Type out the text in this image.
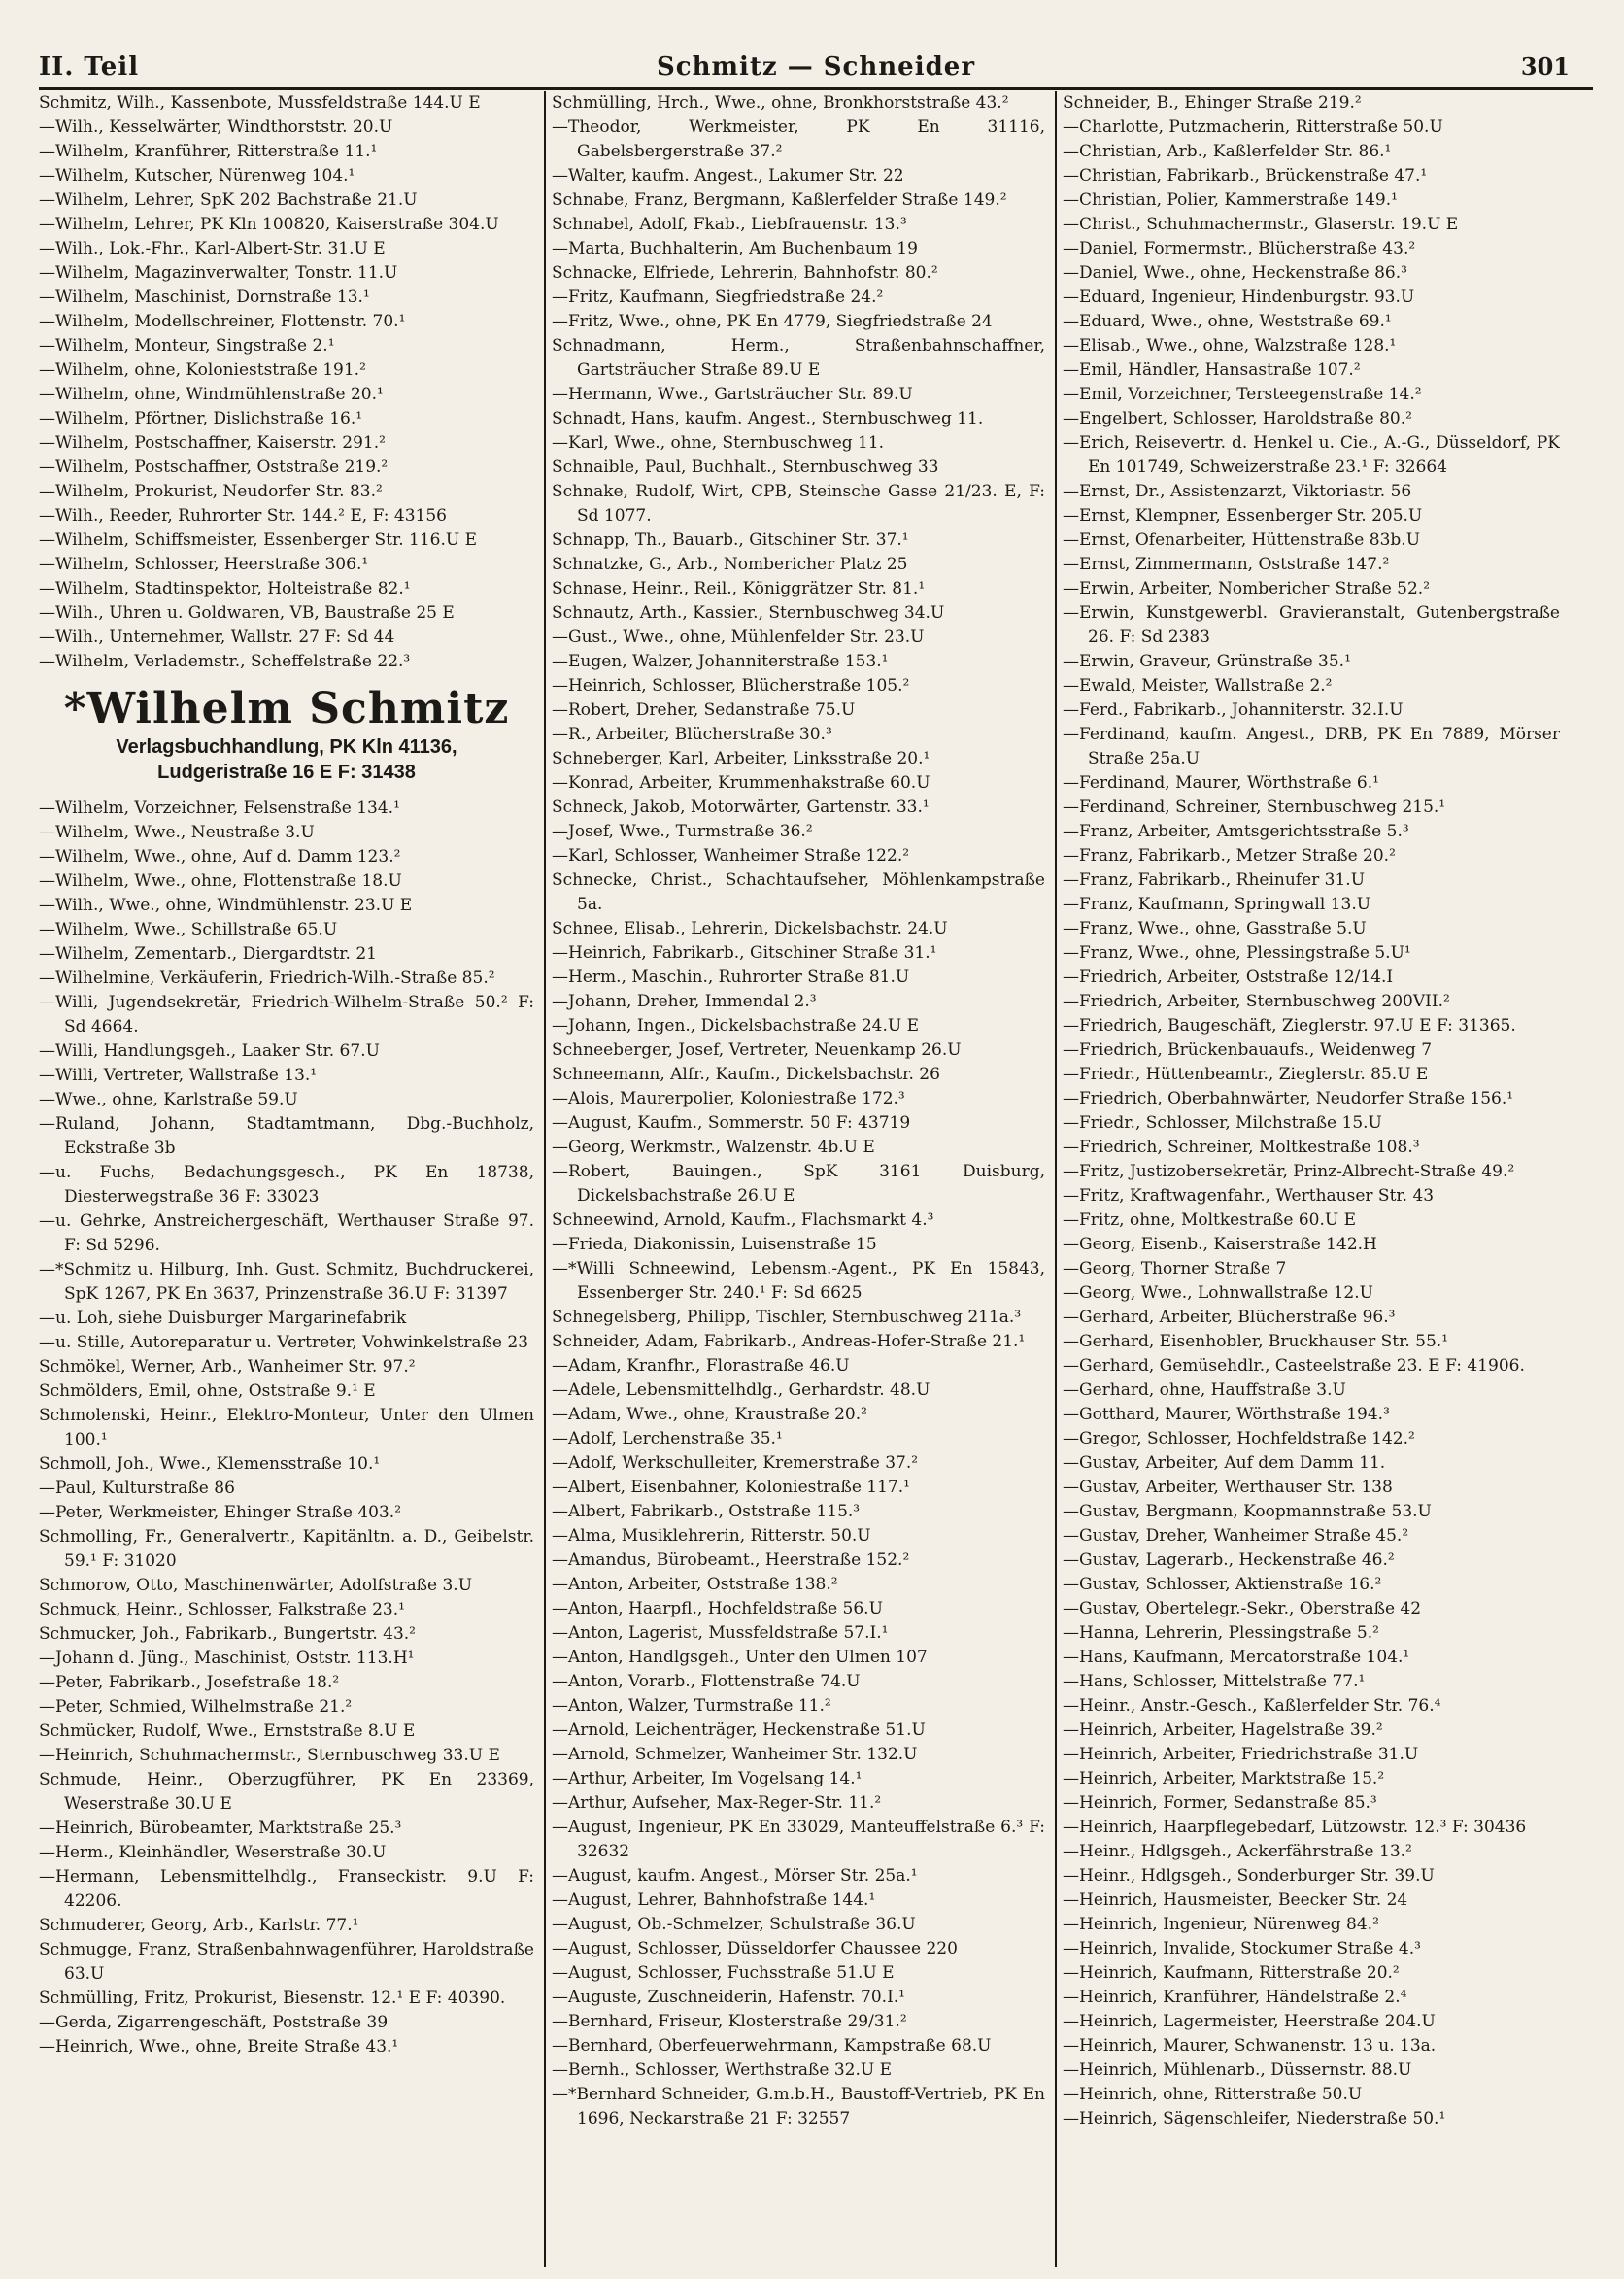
II. Teil	Schmitz — Schneider	301
Schmitz, Wilh., Kassenbote, Mussfeldstraße 144.U E
—Wilh., Kesselwärter, Windthorststr. 20.U
—Wilhelm, Kranführer, Ritterstraße 11.¹
—Wilhelm, Kutscher, Nürenweg 104.¹
—Wilhelm, Lehrer, SpK 202 Bachstraße 21.U
—Wilhelm, Lehrer, PK Kln 100820, Kaiserstraße 304.U
—Wilh., Lok.-Fhr., Karl-Albert-Str. 31.U E
—Wilhelm, Magazinverwalter, Tonstr. 11.U
—Wilhelm, Maschinist, Dornstraße 13.¹
—Wilhelm, Modellschreiner, Flottenstr. 70.¹
—Wilhelm, Monteur, Singstraße 2.¹
—Wilhelm, ohne, Kolonieststraße 191.²
—Wilhelm, ohne, Windmühlenstraße 20.¹
—Wilhelm, Pförtner, Dislichstraße 16.¹
—Wilhelm, Postschaffner, Kaiserstr. 291.²
—Wilhelm, Postschaffner, Oststraße 219.²
—Wilhelm, Prokurist, Neudorfer Str. 83.²
—Wilh., Reeder, Ruhrorter Str. 144.² E, F: 43156
—Wilhelm, Schiffsmeister, Essenberger Str. 116.U E
—Wilhelm, Schlosser, Heerstraße 306.¹
—Wilhelm, Stadtinspektor, Holteistraße 82.¹
—Wilh., Uhren u. Goldwaren, VB, Baustraße 25 E
—Wilh., Unternehmer, Wallstr. 27 F: Sd 44
—Wilhelm, Verlademstr., Scheffelstraße 22.³
*Wilhelm Schmitz
Verlagsbuchhandlung, PK Kln 41136,
Ludgeristraße 16 E F: 31438
—Wilhelm, Vorzeichner, Felsenstraße 134.¹
—Wilhelm, Wwe., Neustraße 3.U
—Wilhelm, Wwe., ohne, Auf d. Damm 123.²
—Wilhelm, Wwe., ohne, Flottenstraße 18.U
—Wilh., Wwe., ohne, Windmühlenstr. 23.U E
—Wilhelm, Wwe., Schillstraße 65.U
—Wilhelm, Zementarb., Diergardtstr. 21
—Wilhelmine, Verkäuferin, Friedrich-Wilh.-Straße 85.²
—Willi, Jugendsekretär, Friedrich-Wilhelm-Straße 50.² F: Sd 4664.
—Willi, Handlungsgeh., Laaker Str. 67.U
—Willi, Vertreter, Wallstraße 13.¹
—Wwe., ohne, Karlstraße 59.U
—Ruland, Johann, Stadtamtmann, Dbg.-Buchholz, Eckstraße 3b
—u. Fuchs, Bedachungsgesch., PK En 18738, Diesterwegstraße 36 F: 33023
—u. Gehrke, Anstreichergeschäft, Werthauser Straße 97. F: Sd 5296.
—*Schmitz u. Hilburg, Inh. Gust. Schmitz, Buchdruckerei, SpK 1267, PK En 3637, Prinzenstraße 36.U F: 31397
—u. Loh, siehe Duisburger Margarinefabrik
—u. Stille, Autoreparatur u. Vertreter, Vohwinkelstraße 23
Schmökel, Werner, Arb., Wanheimer Str. 97.²
Schmölders, Emil, ohne, Oststraße 9.¹ E
Schmolenski, Heinr., Elektro-Monteur, Unter den Ulmen 100.¹
Schmoll, Joh., Wwe., Klemensstraße 10.¹
—Paul, Kulturstraße 86
—Peter, Werkmeister, Ehinger Straße 403.²
Schmolling, Fr., Generalvertr., Kapitänltn. a. D., Geibelstr. 59.¹ F: 31020
Schmorow, Otto, Maschinenwärter, Adolfstraße 3.U
Schmuck, Heinr., Schlosser, Falkstraße 23.¹
Schmucker, Joh., Fabrikarb., Bungertstr. 43.²
—Johann d. Jüng., Maschinist, Oststr. 113.H¹
—Peter, Fabrikarb., Josefstraße 18.²
—Peter, Schmied, Wilhelmstraße 21.²
Schmücker, Rudolf, Wwe., Ernststraße 8.U E
—Heinrich, Schuhmachermstr., Sternbuschweg 33.U E
Schmude, Heinr., Oberzugführer, PK En 23369, Weserstraße 30.U E
—Heinrich, Bürobeamter, Marktstraße 25.³
—Herm., Kleinhändler, Weserstraße 30.U
—Hermann, Lebensmittelhdlg., Franseckistr. 9.U F: 42206.
Schmuderer, Georg, Arb., Karlstr. 77.¹
Schmugge, Franz, Straßenbahnwagenführer, Haroldstraße 63.U
Schmülling, Fritz, Prokurist, Biesenstr. 12.¹ E F: 40390.
—Gerda, Zigarrengeschäft, Poststraße 39
—Heinrich, Wwe., ohne, Breite Straße 43.¹
Schmülling, Hrch., Wwe., ohne, Bronkhorststraße 43.²
—Theodor, Werkmeister, PK En 31116, Gabelsbergerstraße 37.²
—Walter, kaufm. Angest., Lakumer Str. 22
Schnabe, Franz, Bergmann, Kaßlerfelder Straße 149.²
Schnabel, Adolf, Fkab., Liebfrauenstr. 13.³
—Marta, Buchhalterin, Am Buchenbaum 19
Schnacke, Elfriede, Lehrerin, Bahnhofstr. 80.²
—Fritz, Kaufmann, Siegfriedstraße 24.²
—Fritz, Wwe., ohne, PK En 4779, Siegfriedstraße 24
Schnadmann, Herm., Straßenbahnschaffner, Gartsträucher Straße 89.U E
—Hermann, Wwe., Gartsträucher Str. 89.U
Schnadt, Hans, kaufm. Angest., Sternbuschweg 11.
—Karl, Wwe., ohne, Sternbuschweg 11.
Schnaible, Paul, Buchhalt., Sternbuschweg 33
Schnake, Rudolf, Wirt, CPB, Steinsche Gasse 21/23. E, F: Sd 1077.
Schnapp, Th., Bauarb., Gitschiner Str. 37.¹
Schnatzke, G., Arb., Nombericher Platz 25
Schnase, Heinr., Reil., Königgrätzer Str. 81.¹
Schnautz, Arth., Kassier., Sternbuschweg 34.U
—Gust., Wwe., ohne, Mühlenfelder Str. 23.U
—Eugen, Walzer, Johanniterstraße 153.¹
—Heinrich, Schlosser, Blücherstraße 105.²
—Robert, Dreher, Sedanstraße 75.U
—R., Arbeiter, Blücherstraße 30.³
Schneberger, Karl, Arbeiter, Linksstraße 20.¹
—Konrad, Arbeiter, Krummenhakstraße 60.U
Schneck, Jakob, Motorwärter, Gartenstr. 33.¹
—Josef, Wwe., Turmstraße 36.²
—Karl, Schlosser, Wanheimer Straße 122.²
Schnecke, Christ., Schachtaufseher, Möhlenkampstraße 5a.
Schnee, Elisab., Lehrerin, Dickelsbachstr. 24.U
—Heinrich, Fabrikarb., Gitschiner Straße 31.¹
—Herm., Maschin., Ruhrorter Straße 81.U
—Johann, Dreher, Immendal 2.³
—Johann, Ingen., Dickelsbachstraße 24.U E
Schneeberger, Josef, Vertreter, Neuenkamp 26.U
Schneemann, Alfr., Kaufm., Dickelsbachstr. 26
—Alois, Maurerpolier, Koloniestraße 172.³
—August, Kaufm., Sommerstr. 50 F: 43719
—Georg, Werkmstr., Walzenstr. 4b.U E
—Robert, Bauingen., SpK 3161 Duisburg, Dickelsbachstraße 26.U E
Schneewind, Arnold, Kaufm., Flachsmarkt 4.³
—Frieda, Diakonissin, Luisenstraße 15
—*Willi Schneewind, Lebensm.-Agent., PK En 15843, Essenberger Str. 240.¹ F: Sd 6625
Schnegelsberg, Philipp, Tischler, Sternbuschweg 211a.³
Schneider, Adam, Fabrikarb., Andreas-Hofer-Straße 21.¹
—Adam, Kranfhr., Florastraße 46.U
—Adele, Lebensmittelhdlg., Gerhardstr. 48.U
—Adam, Wwe., ohne, Kraustraße 20.²
—Adolf, Lerchenstraße 35.¹
—Adolf, Werkschulleiter, Kremerstraße 37.²
—Albert, Eisenbahner, Koloniestraße 117.¹
—Albert, Fabrikarb., Oststraße 115.³
—Alma, Musiklehrerin, Ritterstr. 50.U
—Amandus, Bürobeamt., Heerstraße 152.²
—Anton, Arbeiter, Oststraße 138.²
—Anton, Haarpfl., Hochfeldstraße 56.U
—Anton, Lagerist, Mussfeldstraße 57.I.¹
—Anton, Handlgsgeh., Unter den Ulmen 107
—Anton, Vorarb., Flottenstraße 74.U
—Anton, Walzer, Turmstraße 11.²
—Arnold, Leichenträger, Heckenstraße 51.U
—Arnold, Schmelzer, Wanheimer Str. 132.U
—Arthur, Arbeiter, Im Vogelsang 14.¹
—Arthur, Aufseher, Max-Reger-Str. 11.²
—August, Ingenieur, PK En 33029, Manteuffelstraße 6.³ F: 32632
—August, kaufm. Angest., Mörser Str. 25a.¹
—August, Lehrer, Bahnhofstraße 144.¹
—August, Ob.-Schmelzer, Schulstraße 36.U
—August, Schlosser, Düsseldorfer Chaussee 220
—August, Schlosser, Fuchsstraße 51.U E
—Auguste, Zuschneiderin, Hafenstr. 70.I.¹
—Bernhard, Friseur, Klosterstraße 29/31.²
—Bernhard, Oberfeuerwehrmann, Kampstraße 68.U
—Bernh., Schlosser, Werthstraße 32.U E
—*Bernhard Schneider, G.m.b.H., Baustoff-Vertrieb, PK En 1696, Neckarstraße 21 F: 32557
Schneider, B., Ehinger Straße 219.²
—Charlotte, Putzmacherin, Ritterstraße 50.U
—Christian, Arb., Kaßlerfelder Str. 86.¹
—Christian, Fabrikarb., Brückenstraße 47.¹
—Christian, Polier, Kammerstraße 149.¹
—Christ., Schuhmachermstr., Glaserstr. 19.U E
—Daniel, Formermstr., Blücherstraße 43.²
—Daniel, Wwe., ohne, Heckenstraße 86.³
—Eduard, Ingenieur, Hindenburgstr. 93.U
—Eduard, Wwe., ohne, Weststraße 69.¹
—Elisab., Wwe., ohne, Walzstraße 128.¹
—Emil, Händler, Hansastraße 107.²
—Emil, Vorzeichner, Tersteegenstraße 14.²
—Engelbert, Schlosser, Haroldstraße 80.²
—Erich, Reisevertr. d. Henkel u. Cie., A.-G., Düsseldorf, PK En 101749, Schweizerstraße 23.¹ F: 32664
—Ernst, Dr., Assistenzarzt, Viktoriastr. 56
—Ernst, Klempner, Essenberger Str. 205.U
—Ernst, Ofenarbeiter, Hüttenstraße 83b.U
—Ernst, Zimmermann, Oststraße 147.²
—Erwin, Arbeiter, Nomberichег Straße 52.²
—Erwin, Kunstgewerbl. Gravieranstalt, Gutenbergstraße 26. F: Sd 2383
—Erwin, Graveur, Grünstraße 35.¹
—Ewald, Meister, Wallstraße 2.²
—Ferd., Fabrikarb., Johanniterstr. 32.I.U
—Ferdinand, kaufm. Angest., DRB, PK En 7889, Mörser Straße 25a.U
—Ferdinand, Maurer, Wörthstraße 6.¹
—Ferdinand, Schreiner, Sternbuschweg 215.¹
—Franz, Arbeiter, Amtsgerichtsstraße 5.³
—Franz, Fabrikarb., Metzer Straße 20.²
—Franz, Fabrikarb., Rheinufer 31.U
—Franz, Kaufmann, Springwall 13.U
—Franz, Wwe., ohne, Gasstraße 5.U
—Franz, Wwe., ohne, Plessingstraße 5.U¹
—Friedrich, Arbeiter, Oststraße 12/14.I
—Friedrich, Arbeiter, Sternbuschweg 200VII.²
—Friedrich, Baugeschäft, Zieglerstr. 97.U E F: 31365.
—Friedrich, Brückenbauaufs., Weidenweg 7
—Friedr., Hüttenbeamtr., Zieglerstr. 85.U E
—Friedrich, Oberbahnwärter, Neudorfer Straße 156.¹
—Friedr., Schlosser, Milchstraße 15.U
—Friedrich, Schreiner, Moltkestraße 108.³
—Fritz, Justizobersekretär, Prinz-Albrecht-Straße 49.²
—Fritz, Kraftwagenfahr., Werthauser Str. 43
—Fritz, ohne, Moltkestraße 60.U E
—Georg, Eisenb., Kaiserstraße 142.H
—Georg, Thorner Straße 7
—Georg, Wwe., Lohnwallstraße 12.U
—Gerhard, Arbeiter, Blücherstraße 96.³
—Gerhard, Eisenhobler, Bruckhauser Str. 55.¹
—Gerhard, Gemüsehdlr., Casteelstraße 23. E F: 41906.
—Gerhard, ohne, Hauffstraße 3.U
—Gotthard, Maurer, Wörthstraße 194.³
—Gregor, Schlosser, Hochfeldstraße 142.²
—Gustav, Arbeiter, Auf dem Damm 11.
—Gustav, Arbeiter, Werthauser Str. 138
—Gustav, Bergmann, Koopmannstraße 53.U
—Gustav, Dreher, Wanheimer Straße 45.²
—Gustav, Lagerarb., Heckenstraße 46.²
—Gustav, Schlosser, Aktienstraße 16.²
—Gustav, Obertelegr.-Sekr., Oberstraße 42
—Hanna, Lehrerin, Plessingstraße 5.²
—Hans, Kaufmann, Mercatorstraße 104.¹
—Hans, Schlosser, Mittelstraße 77.¹
—Heinr., Anstr.-Gesch., Kaßlerfelder Str. 76.⁴
—Heinrich, Arbeiter, Hagelstraße 39.²
—Heinrich, Arbeiter, Friedrichstraße 31.U
—Heinrich, Arbeiter, Marktstraße 15.²
—Heinrich, Former, Sedanstraße 85.³
—Heinrich, Haarpflegebedarf, Lützowstr. 12.³ F: 30436
—Heinr., Hdlgsgeh., Ackerfährstraße 13.²
—Heinr., Hdlgsgeh., Sonderburger Str. 39.U
—Heinrich, Hausmeister, Beecker Str. 24
—Heinrich, Ingenieur, Nürenweg 84.²
—Heinrich, Invalide, Stockumer Straße 4.³
—Heinrich, Kaufmann, Ritterstraße 20.²
—Heinrich, Kranführer, Händelstraße 2.⁴
—Heinrich, Lagermeister, Heerstraße 204.U
—Heinrich, Maurer, Schwanenstr. 13 u. 13a.
—Heinrich, Mühlenarb., Düssernstr. 88.U
—Heinrich, ohne, Ritterstraße 50.U
—Heinrich, Sägenschleifer, Niederstraße 50.¹
